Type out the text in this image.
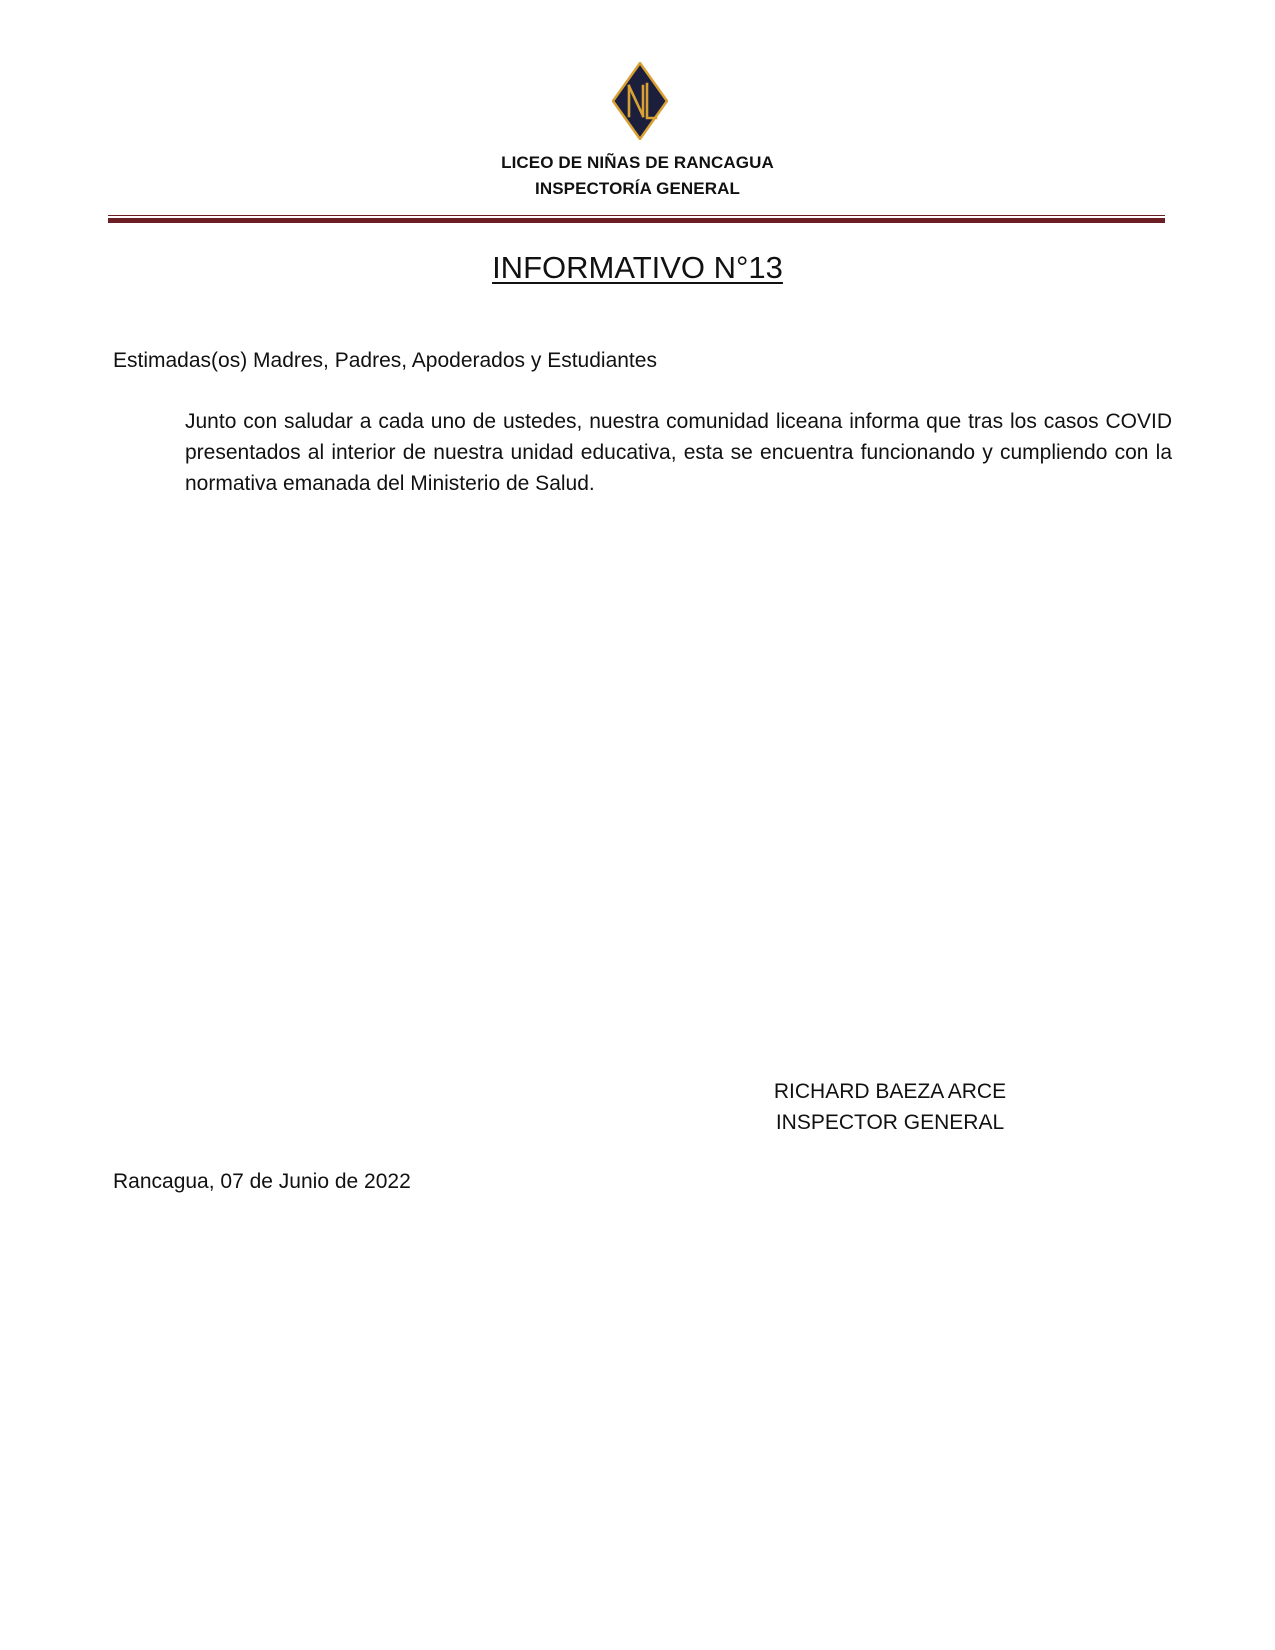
LICEO DE NIÑAS DE RANCAGUA
INSPECTORÍA GENERAL
INFORMATIVO N°13
Estimadas(os) Madres, Padres, Apoderados y Estudiantes
Junto con saludar a cada uno de ustedes, nuestra comunidad liceana informa que tras los casos COVID presentados al interior de nuestra unidad educativa, esta se encuentra funcionando y cumpliendo con la normativa emanada del Ministerio de Salud.
RICHARD BAEZA ARCE
INSPECTOR GENERAL
Rancagua, 07 de Junio de 2022
